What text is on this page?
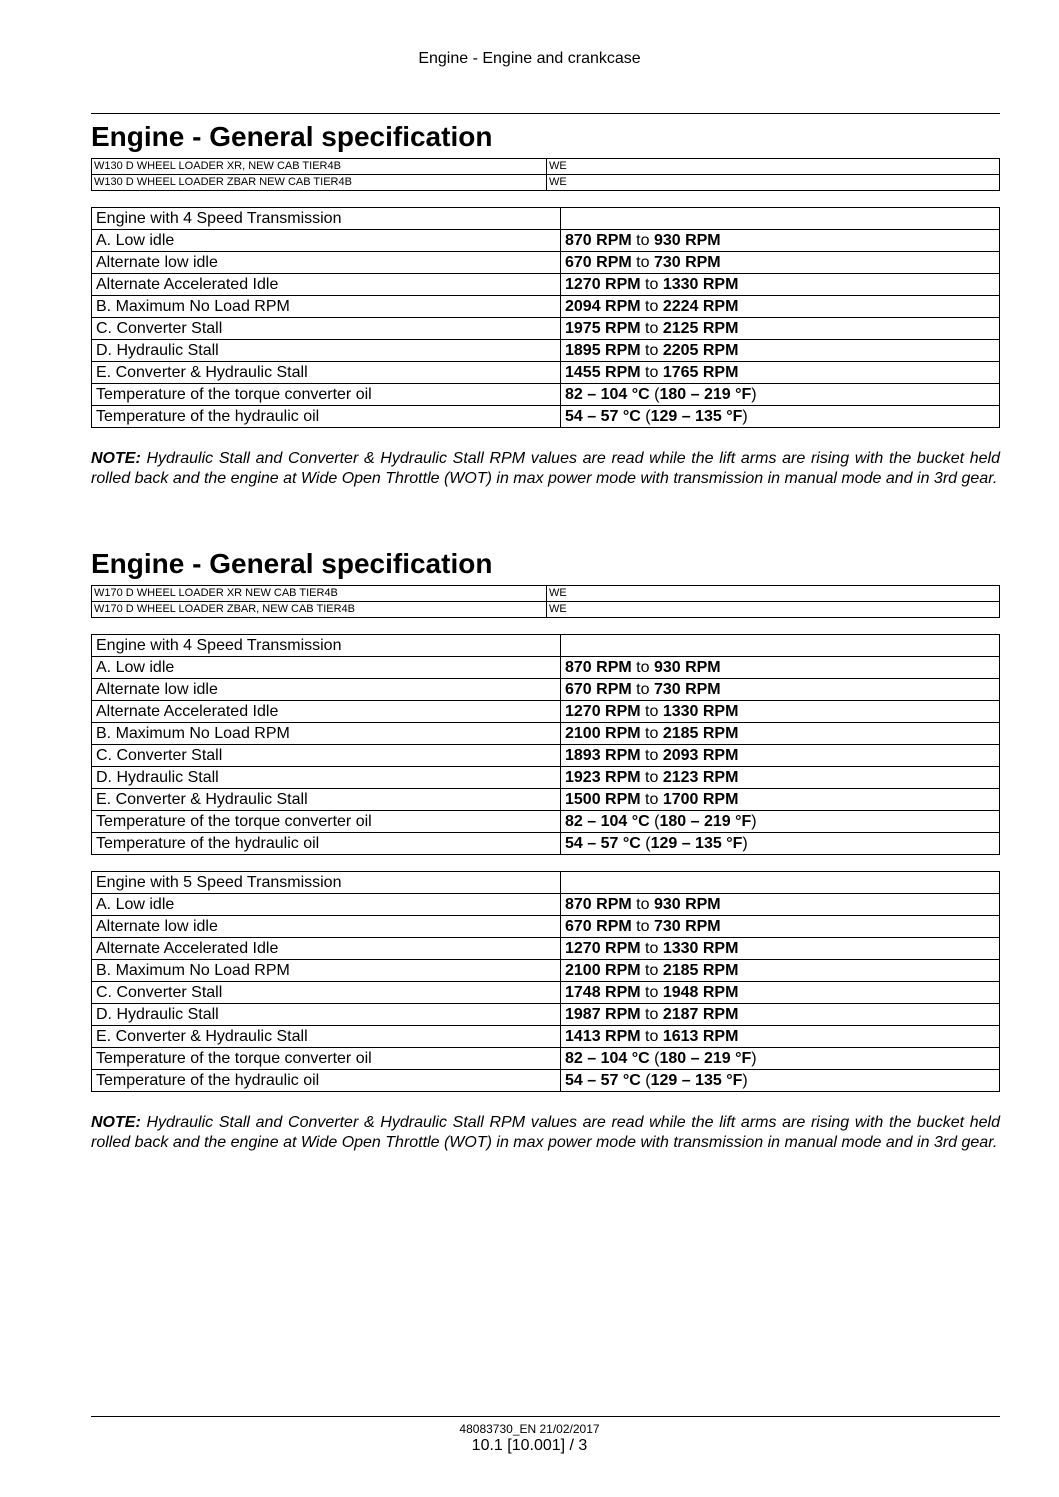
Engine - Engine and crankcase
Engine - General specification
W130 D WHEEL LOADER XR, NEW CAB TIER4B	WE
W130 D WHEEL LOADER ZBAR NEW CAB TIER4B	WE
Engine with 4 Speed Transmission	
A. Low idle	870 RPM to 930 RPM
Alternate low idle	670 RPM to 730 RPM
Alternate Accelerated Idle	1270 RPM to 1330 RPM
B. Maximum No Load RPM	2094 RPM to 2224 RPM
C. Converter Stall	1975 RPM to 2125 RPM
D. Hydraulic Stall	1895 RPM to 2205 RPM
E. Converter & Hydraulic Stall	1455 RPM to 1765 RPM
Temperature of the torque converter oil	82 – 104 °C (180 – 219 °F)
Temperature of the hydraulic oil	54 – 57 °C (129 – 135 °F)
NOTE: Hydraulic Stall and Converter & Hydraulic Stall RPM values are read while the lift arms are rising with the bucket held rolled back and the engine at Wide Open Throttle (WOT) in max power mode with transmission in manual mode and in 3rd gear.
Engine - General specification
W170 D WHEEL LOADER XR NEW CAB TIER4B	WE
W170 D WHEEL LOADER ZBAR, NEW CAB TIER4B	WE
Engine with 4 Speed Transmission	
A. Low idle	870 RPM to 930 RPM
Alternate low idle	670 RPM to 730 RPM
Alternate Accelerated Idle	1270 RPM to 1330 RPM
B. Maximum No Load RPM	2100 RPM to 2185 RPM
C. Converter Stall	1893 RPM to 2093 RPM
D. Hydraulic Stall	1923 RPM to 2123 RPM
E. Converter & Hydraulic Stall	1500 RPM to 1700 RPM
Temperature of the torque converter oil	82 – 104 °C (180 – 219 °F)
Temperature of the hydraulic oil	54 – 57 °C (129 – 135 °F)
Engine with 5 Speed Transmission	
A. Low idle	870 RPM to 930 RPM
Alternate low idle	670 RPM to 730 RPM
Alternate Accelerated Idle	1270 RPM to 1330 RPM
B. Maximum No Load RPM	2100 RPM to 2185 RPM
C. Converter Stall	1748 RPM to 1948 RPM
D. Hydraulic Stall	1987 RPM to 2187 RPM
E. Converter & Hydraulic Stall	1413 RPM to 1613 RPM
Temperature of the torque converter oil	82 – 104 °C (180 – 219 °F)
Temperature of the hydraulic oil	54 – 57 °C (129 – 135 °F)
NOTE: Hydraulic Stall and Converter & Hydraulic Stall RPM values are read while the lift arms are rising with the bucket held rolled back and the engine at Wide Open Throttle (WOT) in max power mode with transmission in manual mode and in 3rd gear.
48083730_EN 21/02/2017
10.1 [10.001] / 3
